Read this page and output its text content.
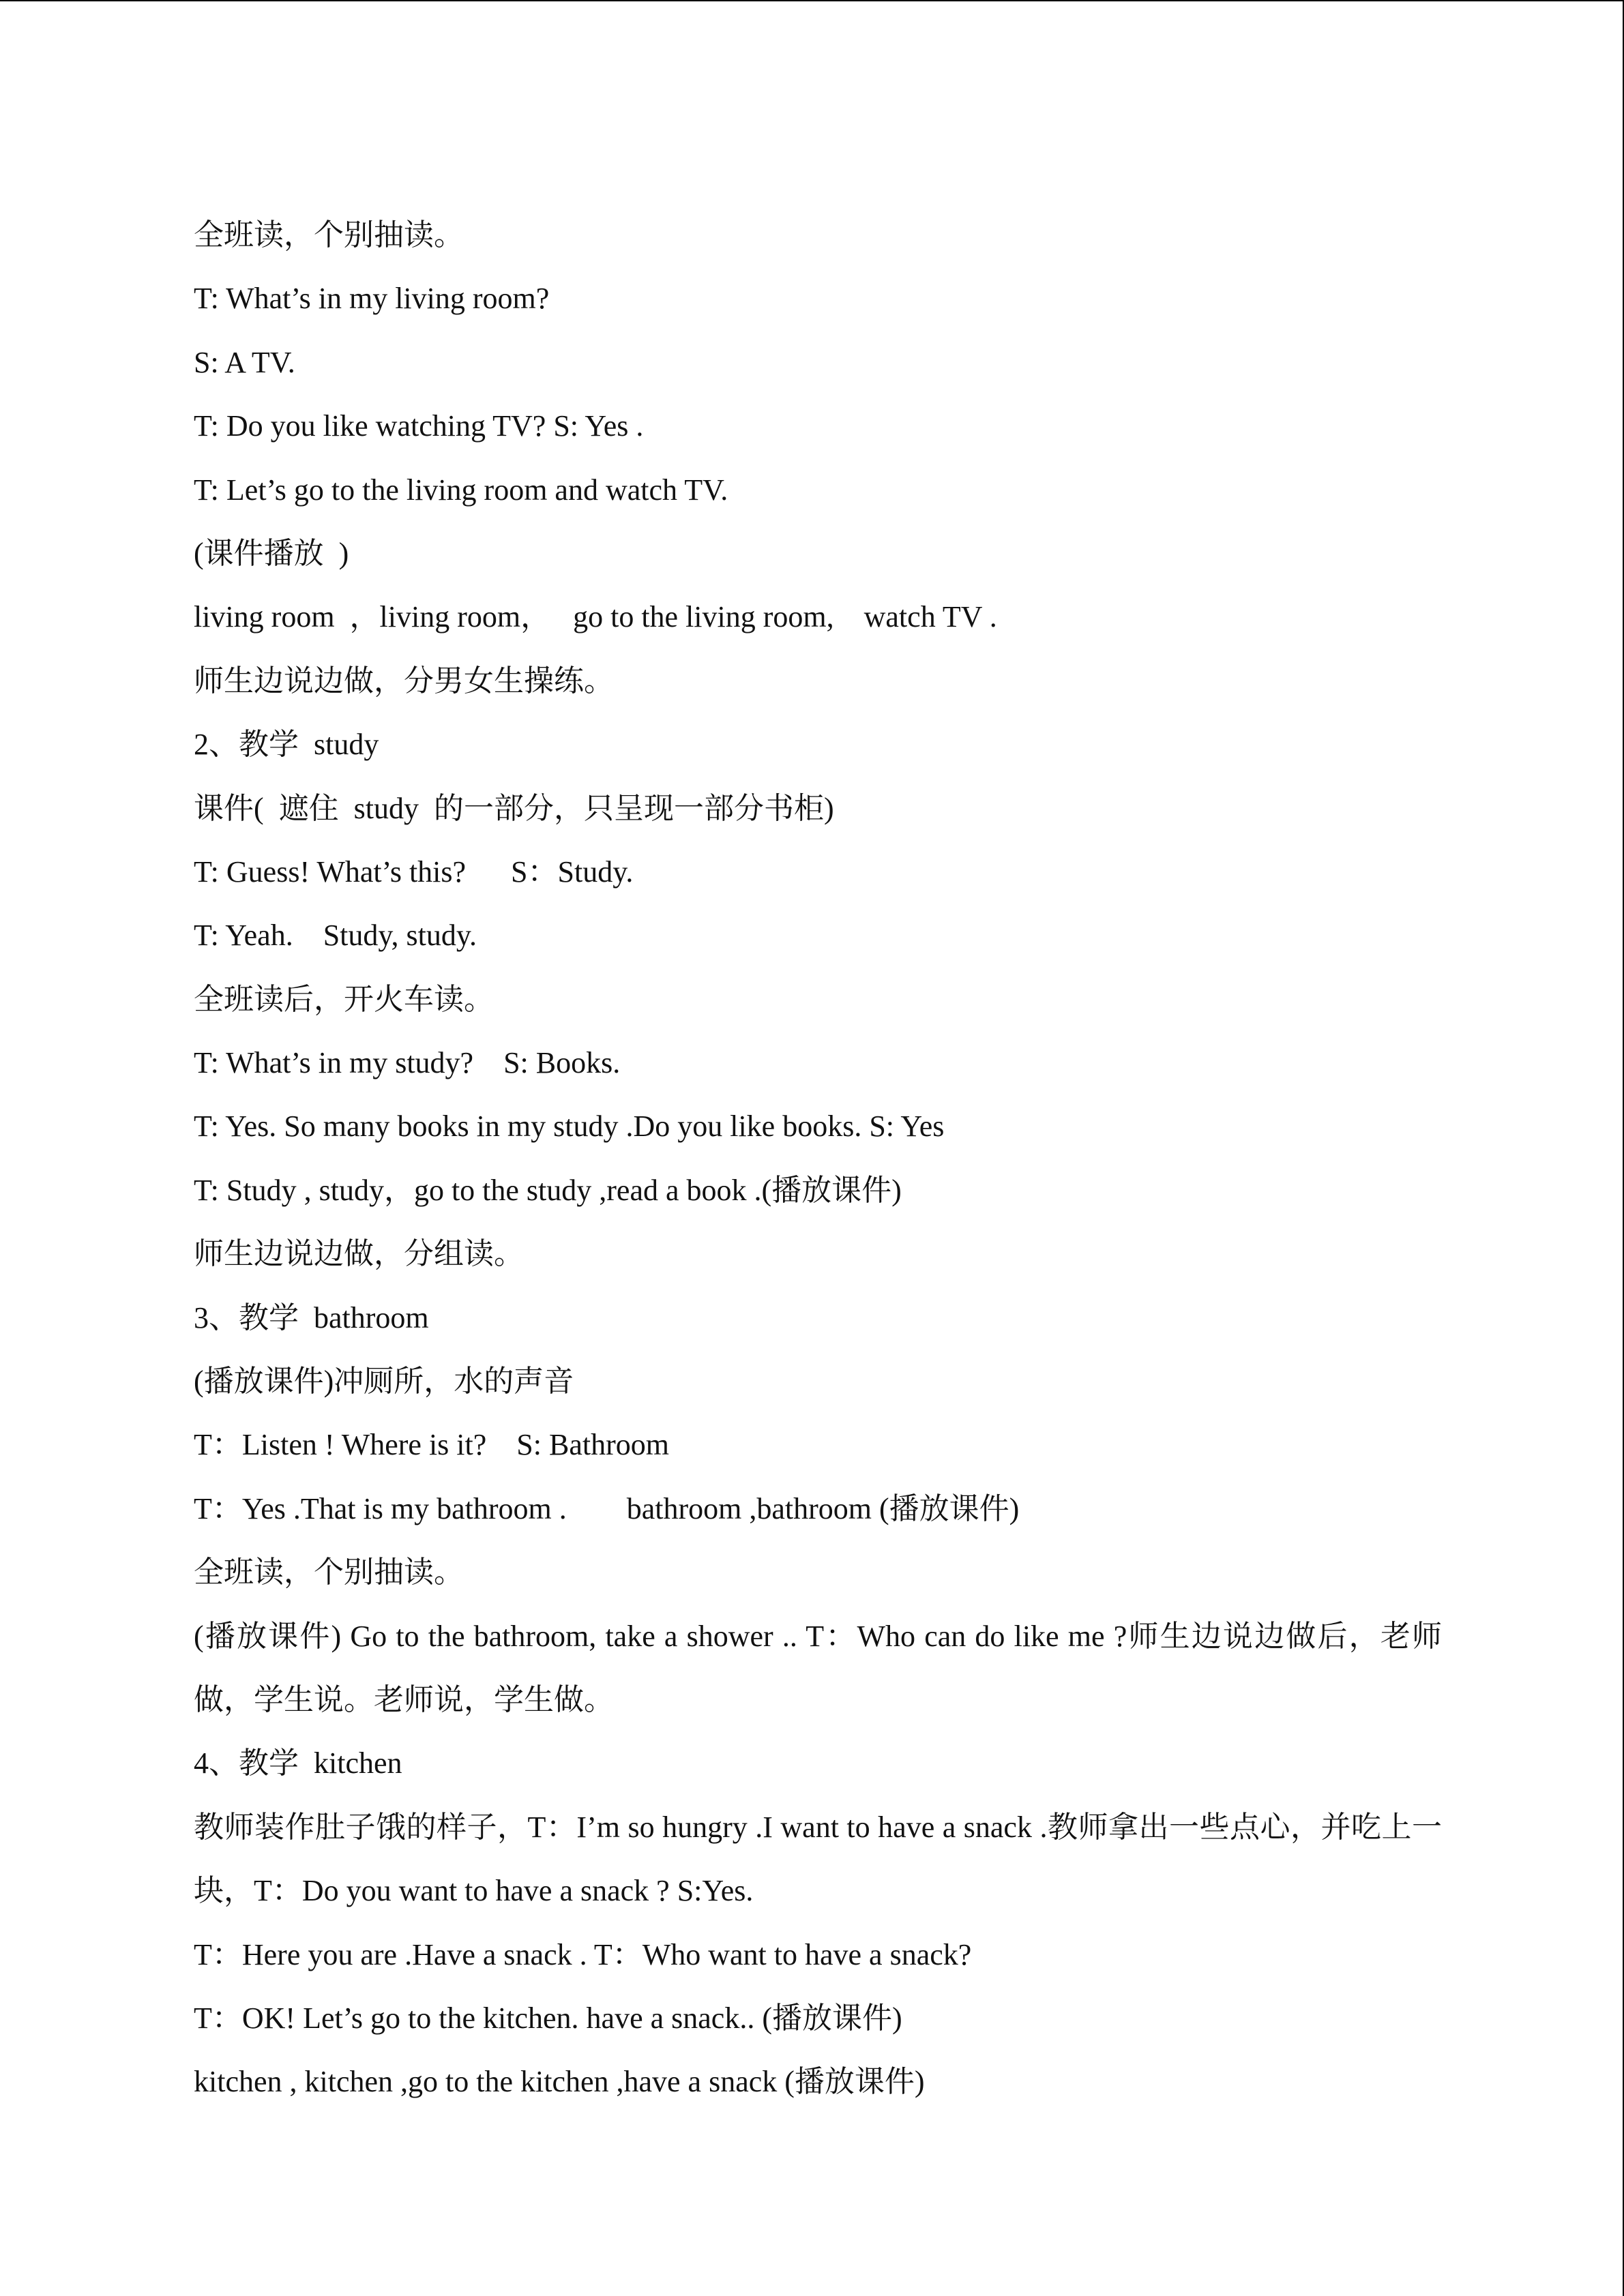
全班读，个别抽读。
T: What’s in my living room?
S: A TV.
T: Do you like watching TV? S: Yes .
T: Let’s go to the living room and watch TV.
(课件播放  )
living room  ，living room，   go to the living room,    watch TV .
师生边说边做，分男女生操练。
2、教学  study
课件(  遮住  study  的一部分，只呈现一部分书柜)
T: Guess! What’s this?      S：Study.
T: Yeah.    Study, study.
全班读后，开火车读。
T: What’s in my study?    S: Books.
T: Yes. So many books in my study .Do you like books. S: Yes
T: Study , study，go to the study ,read a book .(播放课件)
师生边说边做，分组读。
3、教学  bathroom
(播放课件)冲厕所，水的声音
T：Listen ! Where is it?    S: Bathroom
T：Yes .That is my bathroom .        bathroom ,bathroom (播放课件)
全班读，个别抽读。
(播放课件) Go to the bathroom, take a shower .. T：Who can do like me ?师生边说边做后，老师做，学生说。老师说，学生做。
4、教学  kitchen
教师装作肚子饿的样子，T：I’m so hungry .I want to have a snack .教师拿出一些点心，并吃上一块，T：Do you want to have a snack ? S:Yes.
T：Here you are .Have a snack . T：Who want to have a snack?
T：OK! Let’s go to the kitchen. have a snack.. (播放课件)
kitchen , kitchen ,go to the kitchen ,have a snack (播放课件)
